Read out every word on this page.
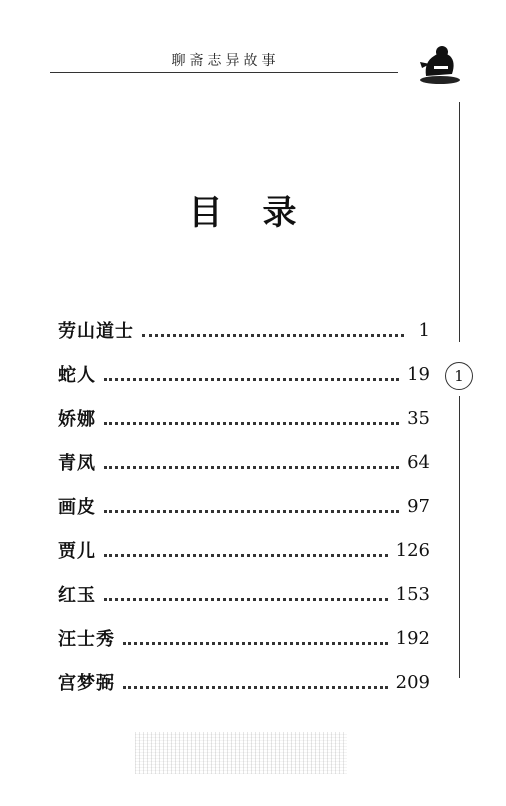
聊斋志异故事
1
目录
劳山道士	1
蛇人	19
娇娜	35
青凤	64
画皮	97
贾儿	126
红玉	153
汪士秀	192
宫梦弼	209
